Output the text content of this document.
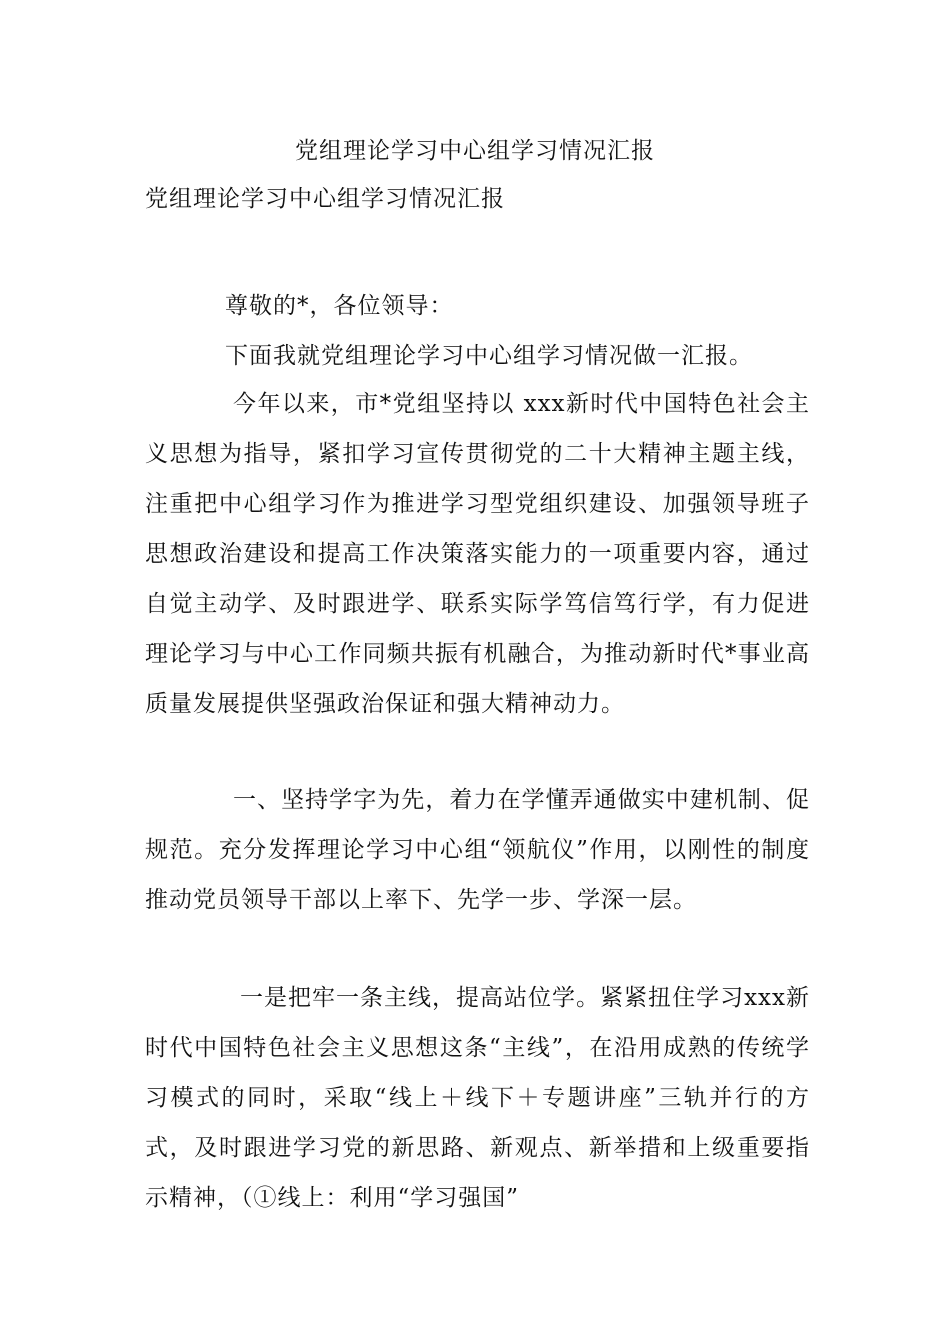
党组理论学习中心组学习情况汇报
党组理论学习中心组学习情况汇报

尊敬的*，各位领导：

下面我就党组理论学习中心组学习情况做一汇报。

今年以来，市*党组坚持以 xxx新时代中国特色社会主义思想为指导，紧扣学习宣传贯彻党的二十大精神主题主线，注重把中心组学习作为推进学习型党组织建设、加强领导班子思想政治建设和提高工作决策落实能力的一项重要内容，通过自觉主动学、及时跟进学、联系实际学笃信笃行学，有力促进理论学习与中心工作同频共振有机融合，为推动新时代*事业高质量发展提供坚强政治保证和强大精神动力。

一、坚持学字为先，着力在学懂弄通做实中建机制、促规范。充分发挥理论学习中心组“领航仪”作用，以刚性的制度推动党员领导干部以上率下、先学一步、学深一层。

一是把牢一条主线，提高站位学。紧紧扭住学习xxx新时代中国特色社会主义思想这条“主线”，在沿用成熟的传统学习模式的同时，采取“线上＋线下＋专题讲座”三轨并行的方式，及时跟进学习党的新思路、新观点、新举措和上级重要指示精神，（①线上：利用“学习强国”
